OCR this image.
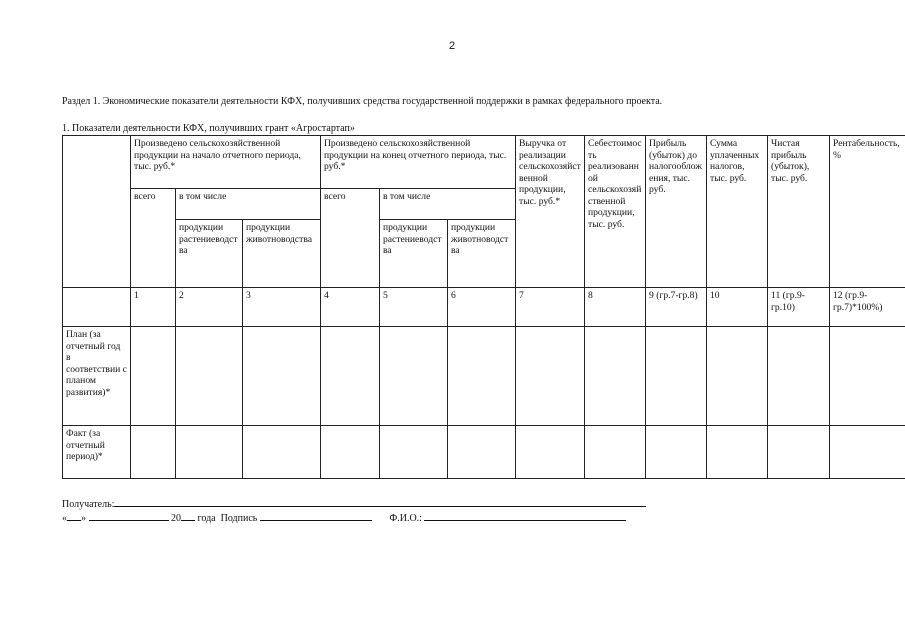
2
Раздел 1. Экономические показатели деятельности КФХ, получивших средства государственной поддержки в рамках федерального проекта.
1. Показатели деятельности КФХ, получивших грант «Агростартап»
	Произведено сельскохозяйственной продукции на начало отчетного периода, тыс. руб.*			Произведено сельскохозяйственной продукции на конец отчетного периода, тыс. руб.*			Выручка от реализации сельскохозяйственной продукции, тыс. руб.*	Себестоимость реализованной сельскохозяйственной продукции, тыс. руб.	Прибыль (убыток) до налогообложения, тыс. руб.	Сумма уплаченных налогов, тыс. руб.	Чистая прибыль (убыток), тыс. руб.	Рентабельность, %
	всего	в том числе		всего	в том числе							
		продукции растениеводства	продукции животноводства		продукции растениеводства	продукции животноводства						
	1	2	3	4	5	6	7	8	9 (гр.7-гр.8)	10	11 (гр.9-гр.10)	12 (гр.9-гр.7)*100%)
План (за отчетный год в соответствии с планом развития)*												
Факт (за отчетный период)*												
Получатель:
« »	20 года Подпись	Ф.И.О.:
